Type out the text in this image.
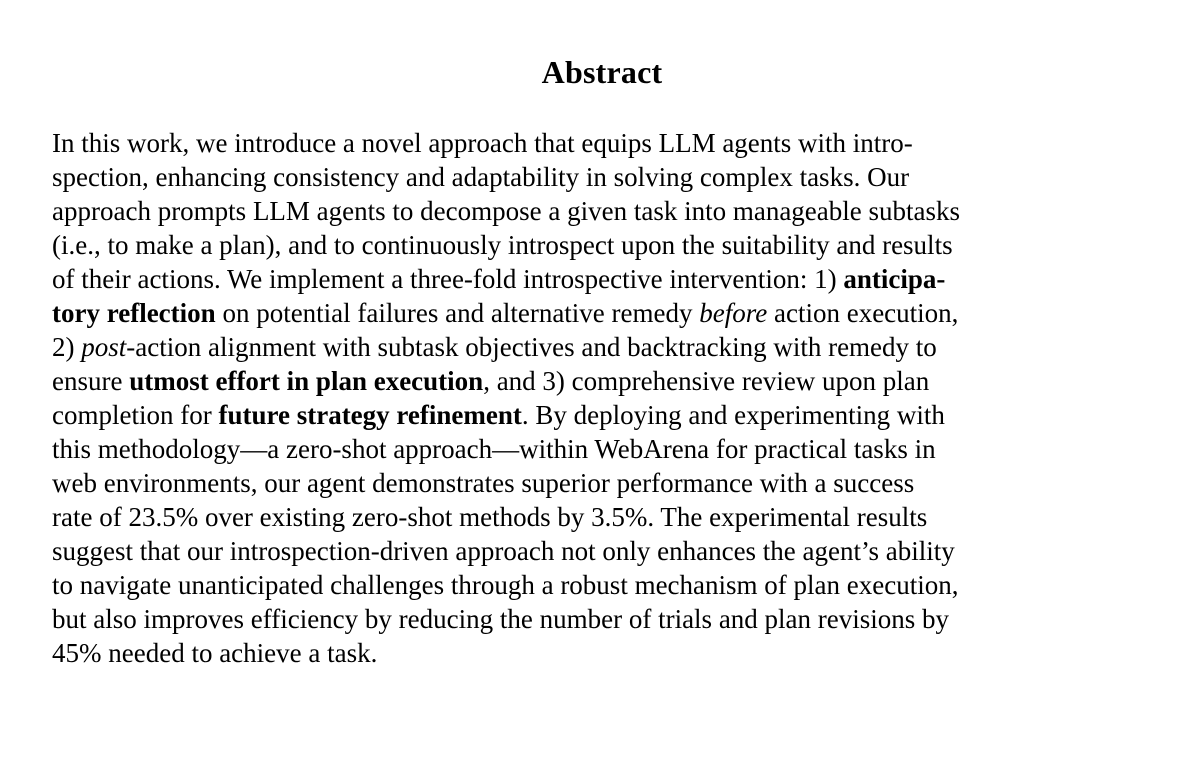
Abstract
In this work, we introduce a novel approach that equips LLM agents with intro-
spection, enhancing consistency and adaptability in solving complex tasks. Our
approach prompts LLM agents to decompose a given task into manageable subtasks
(i.e., to make a plan), and to continuously introspect upon the suitability and results
of their actions. We implement a three-fold introspective intervention: 1) anticipa-
tory reflection on potential failures and alternative remedy before action execution,
2) post-action alignment with subtask objectives and backtracking with remedy to
ensure utmost effort in plan execution, and 3) comprehensive review upon plan
completion for future strategy refinement. By deploying and experimenting with
this methodology—a zero-shot approach—within WebArena for practical tasks in
web environments, our agent demonstrates superior performance with a success
rate of 23.5% over existing zero-shot methods by 3.5%. The experimental results
suggest that our introspection-driven approach not only enhances the agent’s ability
to navigate unanticipated challenges through a robust mechanism of plan execution,
but also improves efficiency by reducing the number of trials and plan revisions by
45% needed to achieve a task.
